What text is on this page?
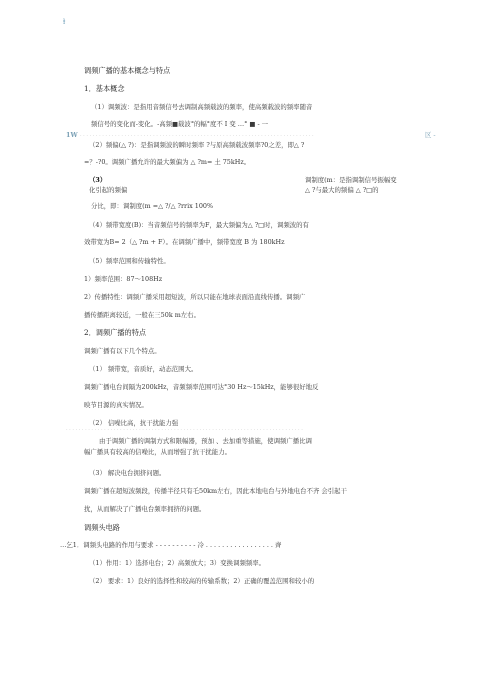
ⱡ
调频广播的基本概念与特点
1．基本概念
（1）调频波：是指用音频信号去调制高频载波的频率，使高频载波的频率随音
频信号的变化而-变化。-高频■载波°的幅°度不 I 变 …° ■ - 一
1W . . . . . . . . . . . . . . . . . . . . . . . . . . . . . . . . . . . . . . . . . . . . . . . . . . . . . . . . . . . . . . . . . . . . . . . . . .	区 -
（2）频偏(△ ?)：是指调频波的瞬时频率 ?与原高频载波频率?0之差，即△ ?
=？-?0。调频广播允许的最大频偏为 △ ?m= 土 75kHz。
（3）	调制度(m：是指调制信号振幅变
化引起的频偏	△ ?与最大的频偏 △ ?□的
分比，即：调制度(m =△ ?/△ ?rrix 100%
（4）频带宽度(B)：当音频信号的频率为F，最大频偏为△ ?□时，调频波的有
效带宽为B= 2（△ ?m + F）。在调频广播中，频带宽度 B 为 180kHz
（5）频率范围和传输特性。
1）频率范围：87～108Hz
2）传播特性：调频广播采用超短波，所以只能在地球表面沿直线传播。调频广
播传播距离较近，一般在三50k m左右。
2．调频广播的特点
调频广播有以下几个特点。
（1） 频带宽，音质好，动态范围大。
调频广播电台间隔为200kHz，音频频率范围可达°30 Hz～15kHz，能够很好地反
映节目源的真实情况。
（2） 信噪比高，抗干扰能力强
. . . . . . . . . . . . . . . . . . . . . . . . . . . . . . . . . . . . . . . . . . . . . . . . . . . . . . . . . . . . . . . . . . . . . . . . . . .
由于调频广播的调制方式和限幅器，预加 、去加重等措施，使调频广播比调
幅广播具有较高的信噪比，从而增强了抗干扰能力。
（3） 解决电台拥挤问题。
调频广播在超短波频段，传播半径只有乇50km左右，因此本地电台与外地电台不齐 会引起干
扰，从而解决了广播电台频率拥挤的问题。
调频头电路
…乞1．调频头电路的作用与要求 - - - - - - - - - - 冷 . . . . . . . . . . . . . . . . . 齊
（1）作用：1）选择电台；2）高频放大；3）变换调频频率。
（2） 要求：1）良好的选择性和较高的传输系数；2）正确的覆盖范围和较小的
